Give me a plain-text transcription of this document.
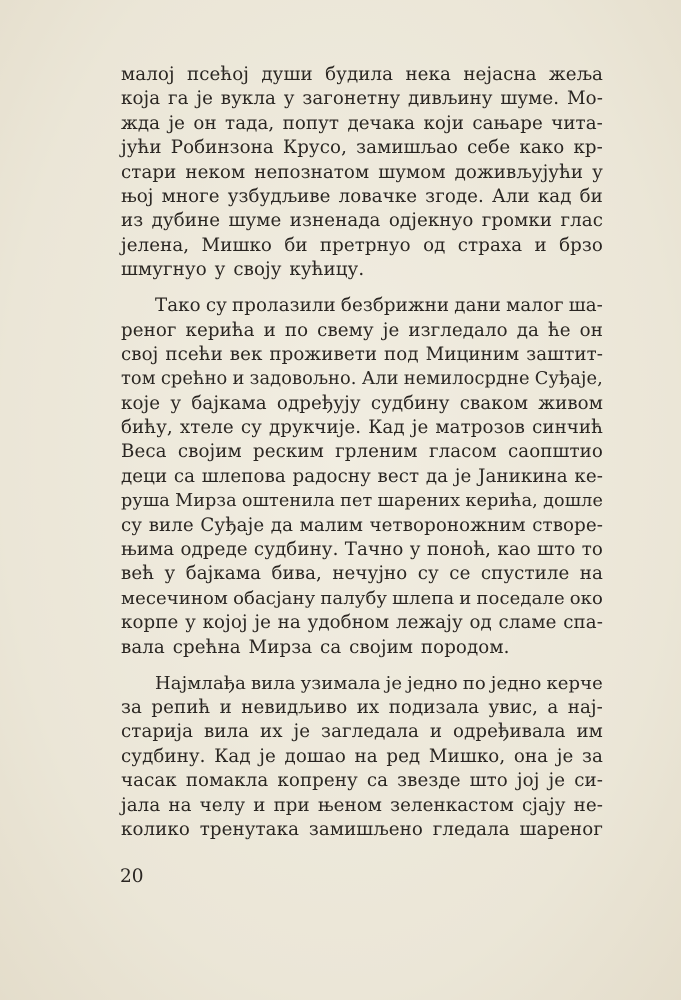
малој псећој души будила нека нејасна жеља
која га је вукла у загонетну дивљину шуме. Мо-
жда је он тада, попут дечака који сањаре чита-
јући Робинзона Крусо, замишљао себе како кр-
стари неком непознатом шумом доживљујући у
њој многе узбудљиве ловачке згоде. Али кад би
из дубине шуме изненада одјекнуо громки глас
јелена, Мишко би претрнуо од страха и брзо
шмугнуо у своју кућицу.
Тако су пролазили безбрижни дани малог ша-
реног керића и по свему је изгледало да ће он
свој псећи век проживети под Мициним заштит-
том срећно и задовољно. Али немилосрдне Суђаје,
које у бајкама одређују судбину сваком живом
бићу, хтеле су друкчије. Кад је матрозов синчић
Веса својим реским грленим гласом саопштио
деци са шлепова радосну вест да је Јаникина ке-
руша Мирза оштенила пет шарених керића, дошле
су виле Суђаје да малим четвороножним створе-
њима одреде судбину. Тачно у поноћ, као што то
већ у бајкама бива, нечујно су се спустиле на
месечином обасјану палубу шлепа и поседале око
корпе у којој је на удобном лежају од сламе спа-
вала срећна Мирза са својим породом.
Најмлађа вила узимала је једно по једно керче
за репић и невидљиво их подизала увис, а нај-
старија вила их је загледала и одређивала им
судбину. Кад је дошао на ред Мишко, она је за
часак помакла копрену са звезде што јој је си-
јала на челу и при њеном зеленкастом сјају не-
колико тренутака замишљено гледала шареног
20
